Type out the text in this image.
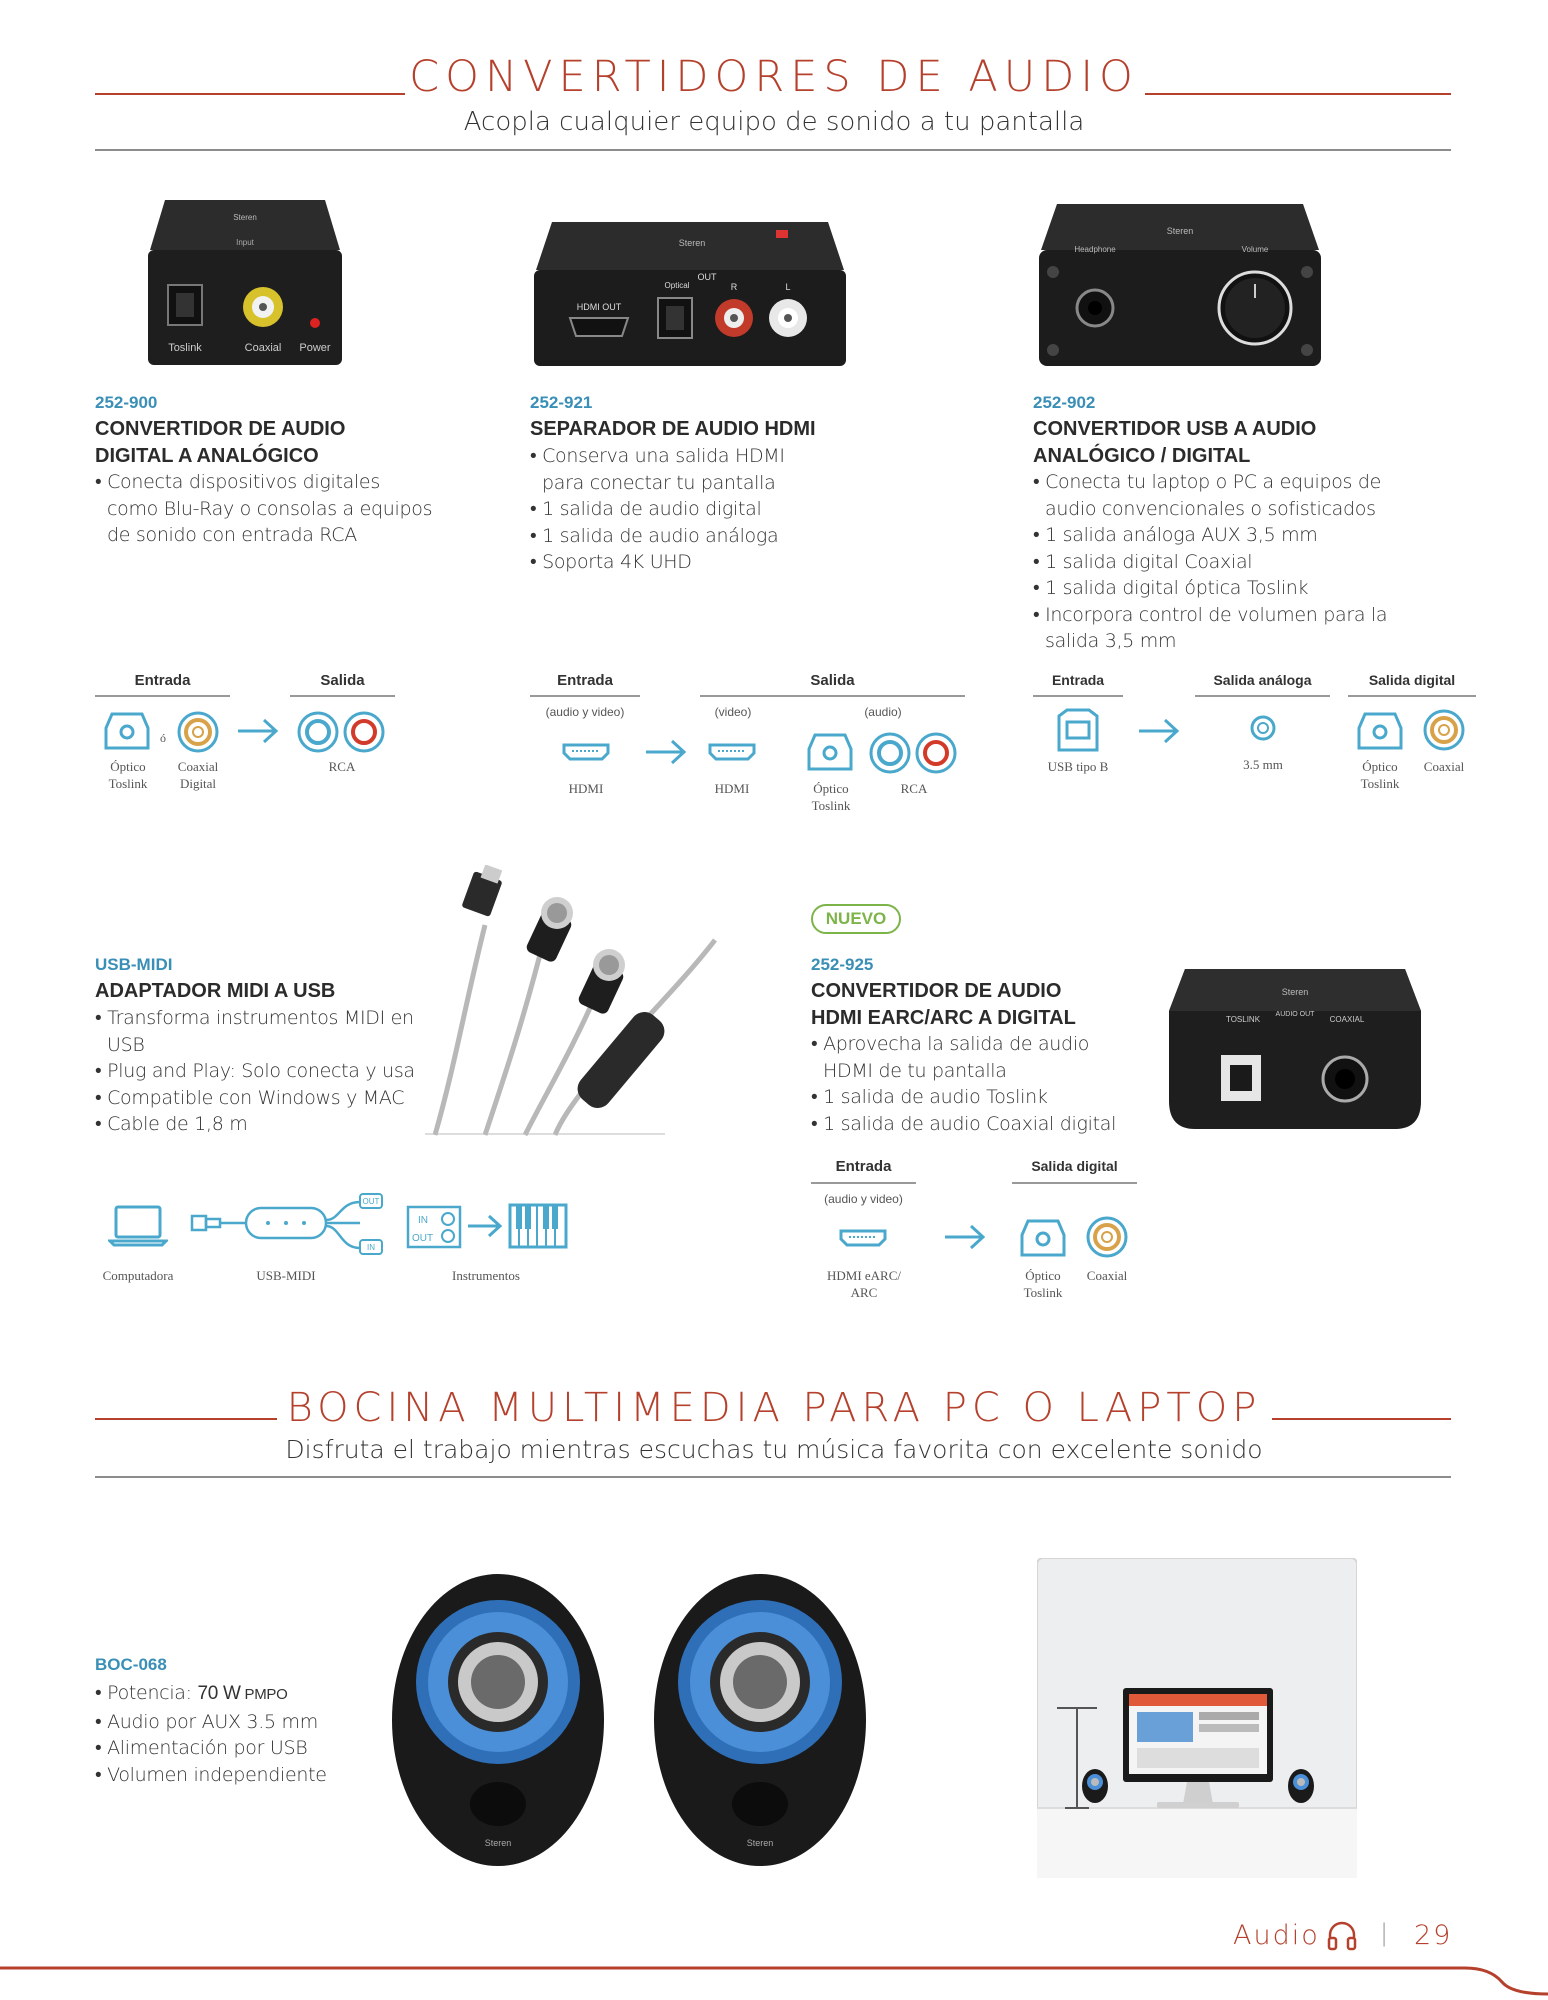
CONVERTIDORES DE AUDIO
Acopla cualquier equipo de sonido a tu pantalla
Steren
Input
Toslink	Coaxial Power
252-900
CONVERTIDOR DE AUDIO
DIGITAL A ANALÓGICO
• Conecta dispositivos digitales como Blu-Ray o consolas a equipos de sonido con entrada RCA
Entrada	Salida
ó
Óptico Toslink
Coaxial Digital
RCA
Steren
HDMI OUT
Optical
OUT
R	L
252-921
SEPARADOR DE AUDIO HDMI
• Conserva una salida HDMI para conectar tu pantalla
• 1 salida de audio digital
• 1 salida de audio análoga
• Soporta 4K UHD
Entrada	Salida
(audio y video)	(video)	(audio)
HDMI	HDMI	Óptico Toslink
RCA
Steren
Headphone	Volume
252-902
CONVERTIDOR USB A AUDIO
ANALÓGICO / DIGITAL
• Conecta tu laptop o PC a equipos de audio convencionales o sofisticados
• 1 salida análoga AUX 3,5 mm
• 1 salida digital Coaxial
• 1 salida digital óptica Toslink
• Incorpora control de volumen para la salida 3,5 mm
Entrada	Salida análoga	Salida digital
USB tipo B	3.5 mm	Óptico Toslink
Coaxial
USB-MIDI
ADAPTADOR MIDI A USB
• Transforma instrumentos MIDI en USB
• Plug and Play: Solo conecta y usa
• Compatible con Windows y MAC
• Cable de 1,8 m
OUT
IN
IN
OUT
Computadora	USB-MIDI	Instrumentos
NUEVO
252-925
CONVERTIDOR DE AUDIO
HDMI EARC/ARC A DIGITAL
• Aprovecha la salida de audio HDMI de tu pantalla
• 1 salida de audio Toslink
• 1 salida de audio Coaxial digital
Steren
AUDIO OUT
TOSLINK	COAXIAL
Entrada	Salida digital
(audio y video)
HDMI eARC/ ARC
Óptico Toslink
Coaxial
BOCINA MULTIMEDIA PARA PC O LAPTOP
Disfruta el trabajo mientras escuchas tu música favorita con excelente sonido
BOC-068
• Potencia: 70 W PMPO
• Audio por AUX 3.5 mm
• Alimentación por USB
• Volumen independiente
Steren	Steren
Audio	| 29
